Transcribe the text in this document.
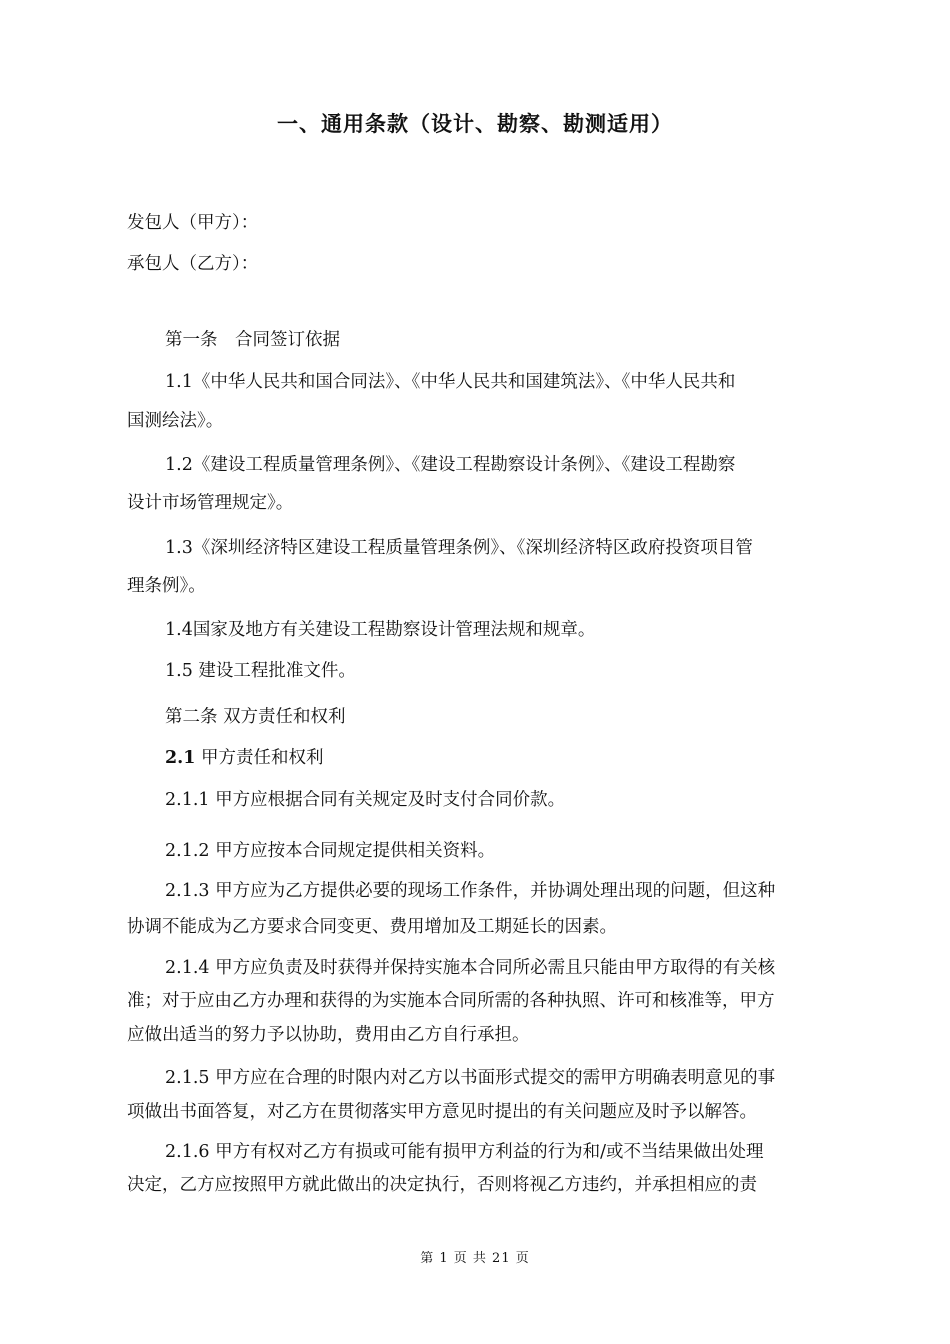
一、通用条款（设计、勘察、勘测适用）
发包人（甲方）：
承包人（乙方）：
第一条　合同签订依据
1.1《中华人民共和国合同法》、《中华人民共和国建筑法》、《中华人民共和
国测绘法》。
1.2《建设工程质量管理条例》、《建设工程勘察设计条例》、《建设工程勘察
设计市场管理规定》。
1.3《深圳经济特区建设工程质量管理条例》、《深圳经济特区政府投资项目管
理条例》。
1.4国家及地方有关建设工程勘察设计管理法规和规章。
1.5 建设工程批准文件。
第二条 双方责任和权利
2.1 甲方责任和权利
2.1.1 甲方应根据合同有关规定及时支付合同价款。
2.1.2 甲方应按本合同规定提供相关资料。
2.1.3 甲方应为乙方提供必要的现场工作条件，并协调处理出现的问题，但这种
协调不能成为乙方要求合同变更、费用增加及工期延长的因素。
2.1.4 甲方应负责及时获得并保持实施本合同所必需且只能由甲方取得的有关核
准；对于应由乙方办理和获得的为实施本合同所需的各种执照、许可和核准等，甲方
应做出适当的努力予以协助，费用由乙方自行承担。
2.1.5 甲方应在合理的时限内对乙方以书面形式提交的需甲方明确表明意见的事
项做出书面答复，对乙方在贯彻落实甲方意见时提出的有关问题应及时予以解答。
2.1.6 甲方有权对乙方有损或可能有损甲方利益的行为和/或不当结果做出处理
决定，乙方应按照甲方就此做出的决定执行，否则将视乙方违约，并承担相应的责
第 1 页 共 21 页
